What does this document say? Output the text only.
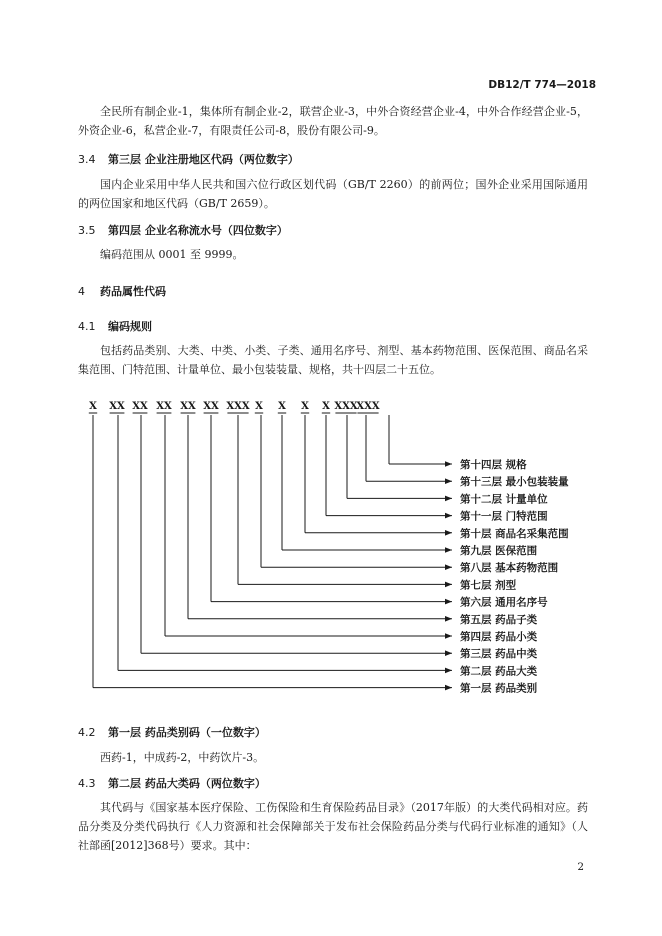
DB12/T 774—2018
全民所有制企业-1，集体所有制企业-2，联营企业-3，中外合资经营企业-4，中外合作经营企业-5，外资企业-6，私营企业-7，有限责任公司-8，股份有限公司-9。
3.4 第三层 企业注册地区代码（两位数字）
国内企业采用中华人民共和国六位行政区划代码（GB/T 2260）的前两位；国外企业采用国际通用的两位国家和地区代码（GB/T 2659）。
3.5 第四层 企业名称流水号（四位数字）
编码范围从 0001 至 9999。
4 药品属性代码
4.1 编码规则
包括药品类别、大类、中类、小类、子类、通用名序号、剂型、基本药物范围、医保范围、商品名采集范围、门特范围、计量单位、最小包装装量、规格，共十四层二十五位。
X XX XX XX XX XX XXX X X X X XXX
XXX
第十四层 规格
第十三层 最小包装装量
第十二层 计量单位
第十一层 门特范围
第十层 商品名采集范围
第九层 医保范围
第八层 基本药物范围
第七层 剂型
第六层 通用名序号
第五层 药品子类
第四层 药品小类
第三层 药品中类
第二层 药品大类
第一层 药品类别
4.2 第一层 药品类别码（一位数字）
西药-1，中成药-2，中药饮片-3。
4.3 第二层 药品大类码（两位数字）
其代码与《国家基本医疗保险、工伤保险和生育保险药品目录》（2017年版）的大类代码相对应。药品分类及分类代码执行《人力资源和社会保障部关于发布社会保险药品分类与代码行业标准的通知》（人社部函[2012]368号）要求。其中：
2
